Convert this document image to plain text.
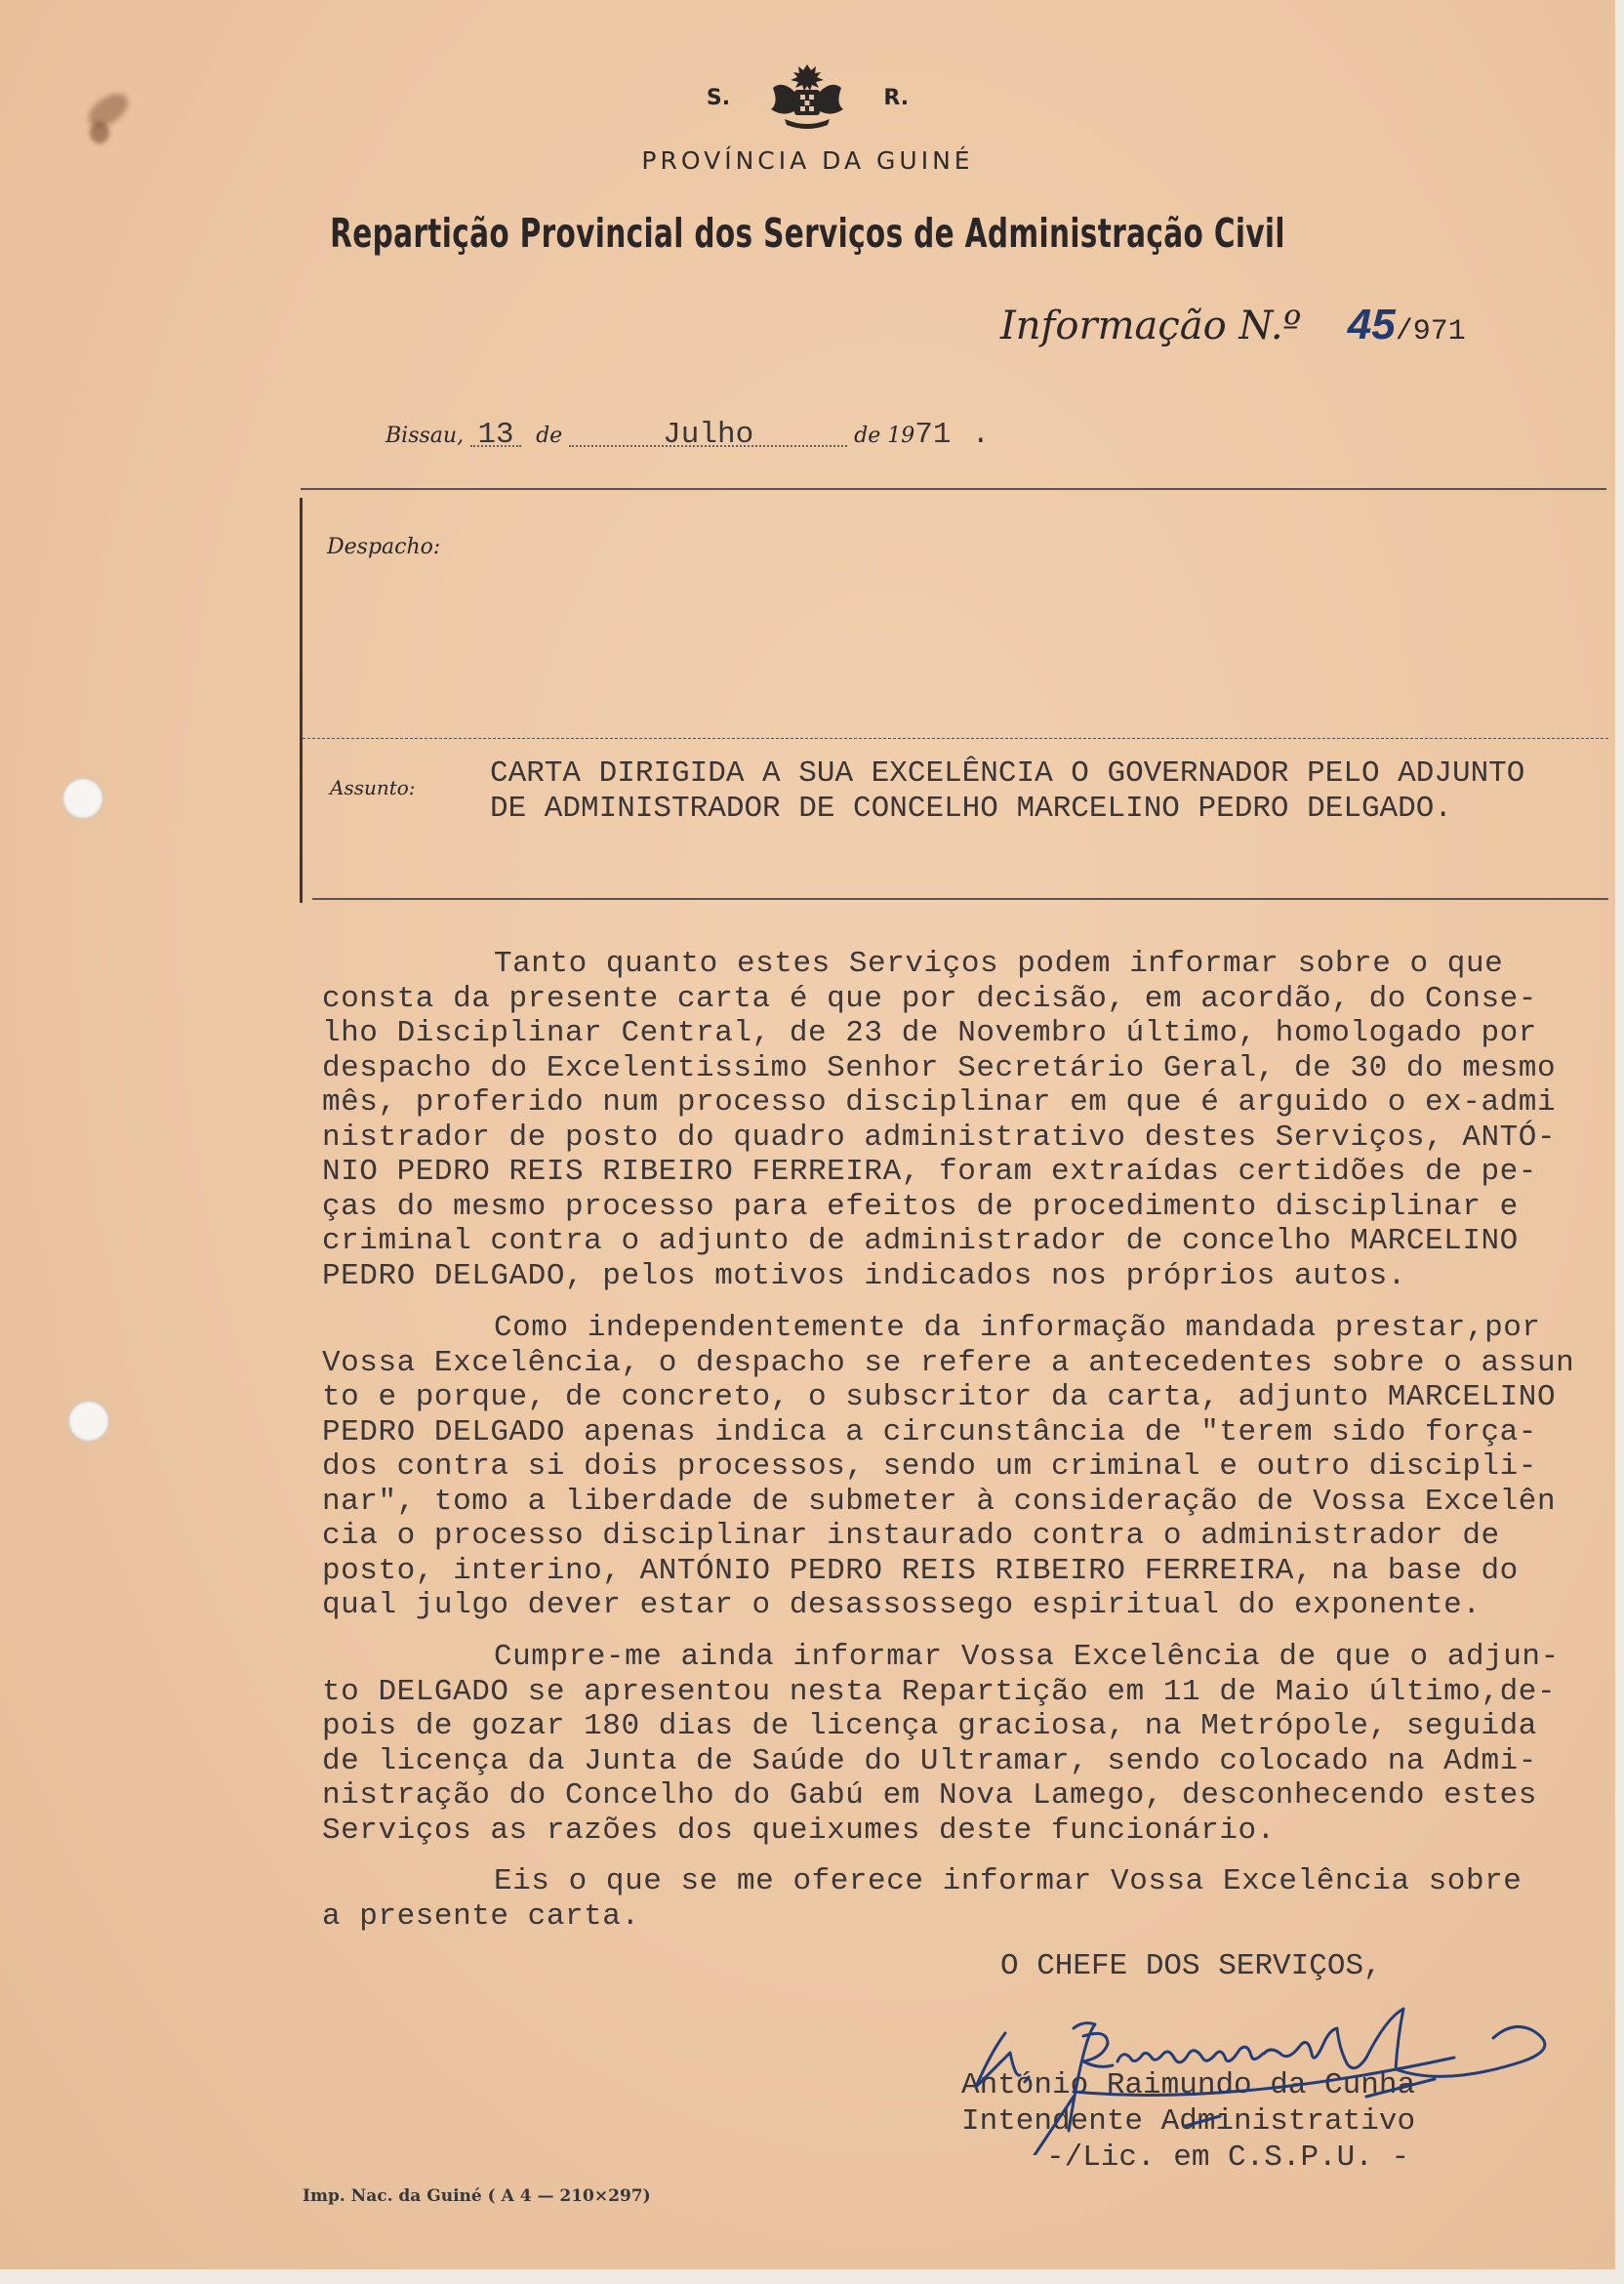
S.	R.
PROVÍNCIA DA GUINÉ
Repartição Provincial dos Serviços de Administração Civil
Informação N.º 45/971
Bissau, 13 de	Julho	de 1971 .
Despacho:
Assunto: CARTA DIRIGIDA A SUA EXCELÊNCIA O GOVERNADOR PELO ADJUNTO
DE ADMINISTRADOR DE CONCELHO MARCELINO PEDRO DELGADO.
Tanto quanto estes Serviços podem informar sobre o que
consta da presente carta é que por decisão, em acordão, do Conse-
lho Disciplinar Central, de 23 de Novembro último, homologado por
despacho do Excelentissimo Senhor Secretário Geral, de 30 do mesmo
mês, proferido num processo disciplinar em que é arguido o ex-admi
nistrador de posto do quadro administrativo destes Serviços, ANTÓ-
NIO PEDRO REIS RIBEIRO FERREIRA, foram extraídas certidões de pe-
ças do mesmo processo para efeitos de procedimento disciplinar e
criminal contra o adjunto de administrador de concelho MARCELINO
PEDRO DELGADO, pelos motivos indicados nos próprios autos.
Como independentemente da informação mandada prestar,por
Vossa Excelência, o despacho se refere a antecedentes sobre o assun
to e porque, de concreto, o subscritor da carta, adjunto MARCELINO
PEDRO DELGADO apenas indica a circunstância de "terem sido força-
dos contra si dois processos, sendo um criminal e outro discipli-
nar", tomo a liberdade de submeter à consideração de Vossa Excelên
cia o processo disciplinar instaurado contra o administrador de
posto, interino, ANTÓNIO PEDRO REIS RIBEIRO FERREIRA, na base do
qual julgo dever estar o desassossego espiritual do exponente.
Cumpre-me ainda informar Vossa Excelência de que o adjun-
to DELGADO se apresentou nesta Repartição em 11 de Maio último,de-
pois de gozar 180 dias de licença graciosa, na Metrópole, seguida
de licença da Junta de Saúde do Ultramar, sendo colocado na Admi-
nistração do Concelho do Gabú em Nova Lamego, desconhecendo estes
Serviços as razões dos queixumes deste funcionário.
Eis o que se me oferece informar Vossa Excelência sobre
a presente carta.
O CHEFE DOS SERVIÇOS,
António Raimundo da Cunha
Intendente Administrativo
-/Lic. em C.S.P.U. -
Imp. Nac. da Guiné ( A 4 — 210×297)
